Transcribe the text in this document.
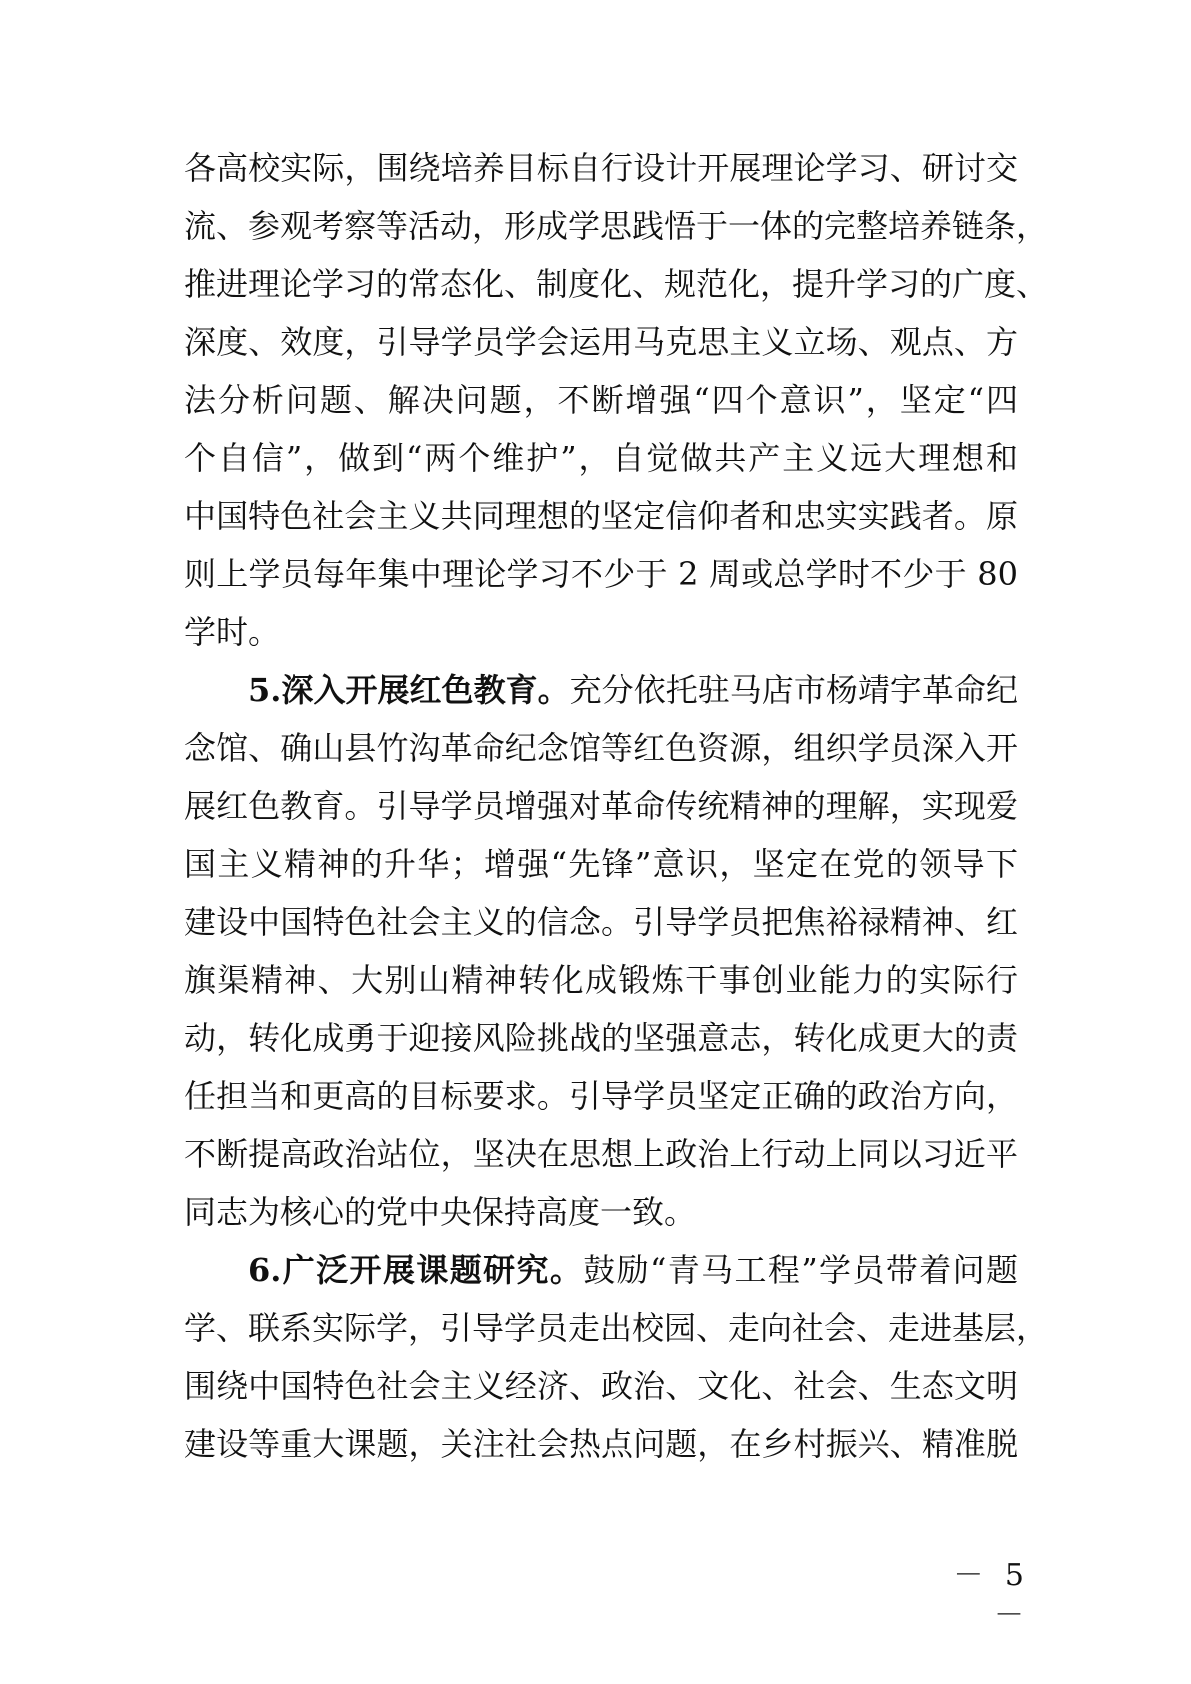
各高校实际，围绕培养目标自行设计开展理论学习、研讨交
流、参观考察等活动，形成学思践悟于一体的完整培养链条，
推进理论学习的常态化、制度化、规范化，提升学习的广度、
深度、效度，引导学员学会运用马克思主义立场、观点、方
法分析问题、解决问题，不断增强“四个意识”，坚定“四
个自信”，做到“两个维护”，自觉做共产主义远大理想和
中国特色社会主义共同理想的坚定信仰者和忠实实践者。原
则上学员每年集中理论学习不少于 2 周或总学时不少于 80
学时。
5.深入开展红色教育。充分依托驻马店市杨靖宇革命纪
念馆、确山县竹沟革命纪念馆等红色资源，组织学员深入开
展红色教育。引导学员增强对革命传统精神的理解，实现爱
国主义精神的升华；增强“先锋”意识，坚定在党的领导下
建设中国特色社会主义的信念。引导学员把焦裕禄精神、红
旗渠精神、大别山精神转化成锻炼干事创业能力的实际行
动，转化成勇于迎接风险挑战的坚强意志，转化成更大的责
任担当和更高的目标要求。引导学员坚定正确的政治方向，
不断提高政治站位，坚决在思想上政治上行动上同以习近平
同志为核心的党中央保持高度一致。
6.广泛开展课题研究。鼓励“青马工程”学员带着问题
学、联系实际学，引导学员走出校园、走向社会、走进基层，
围绕中国特色社会主义经济、政治、文化、社会、生态文明
建设等重大课题，关注社会热点问题，在乡村振兴、精准脱
－ 5 －
